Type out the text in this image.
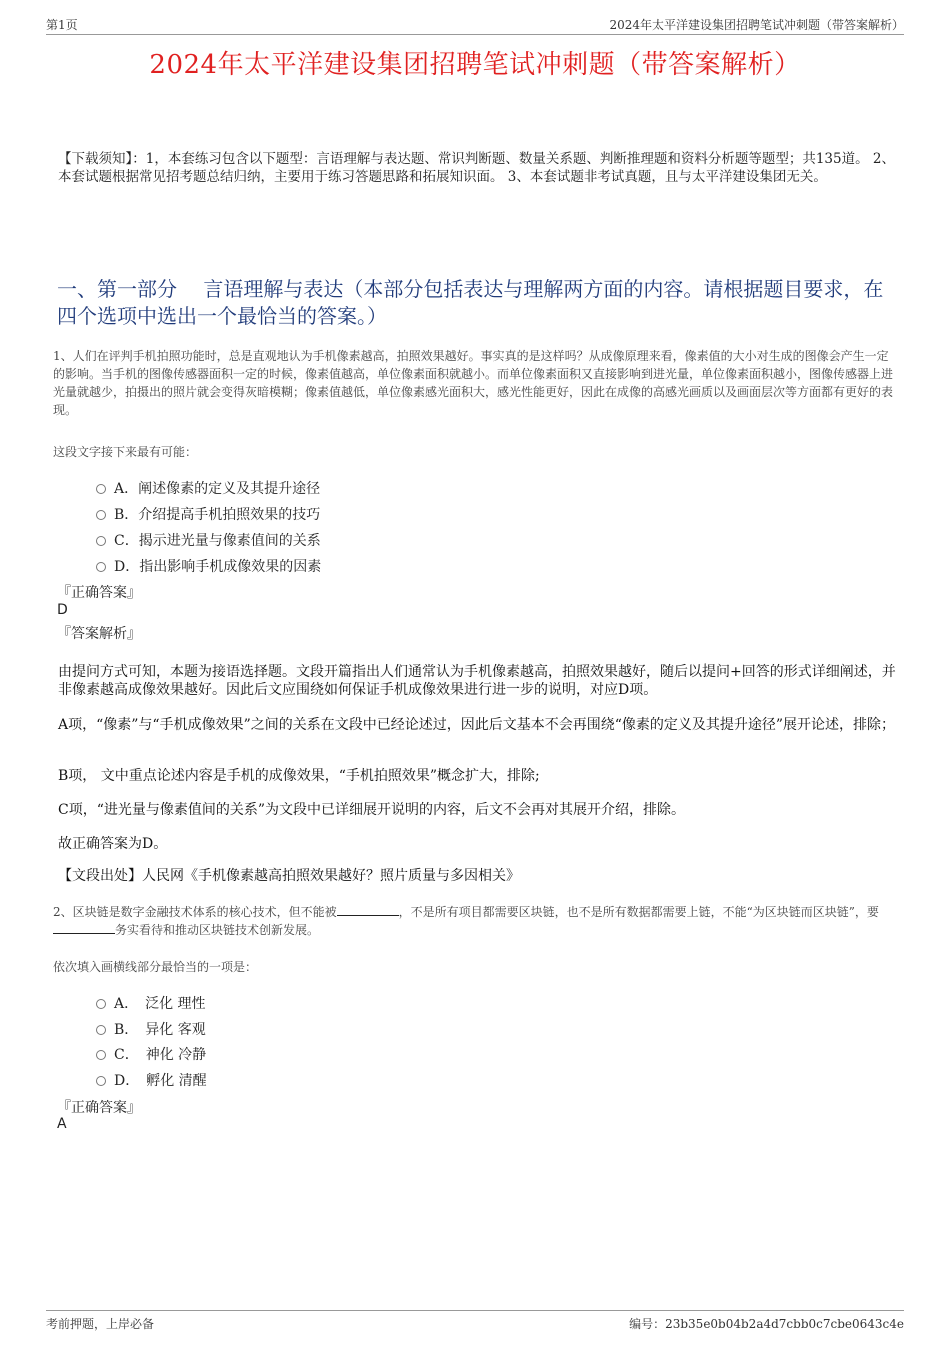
第1页	2024年太平洋建设集团招聘笔试冲刺题（带答案解析）
2024年太平洋建设集团招聘笔试冲刺题（带答案解析）
【下载须知】：1，本套练习包含以下题型：言语理解与表达题、常识判断题、数量关系题、判断推理题和资料分析题等题型；共135道。 2、本套试题根据常见招考题总结归纳，主要用于练习答题思路和拓展知识面。 3、本套试题非考试真题，且与太平洋建设集团无关。
一、第一部分　 言语理解与表达（本部分包括表达与理解两方面的内容。请根据题目要求，在四个选项中选出一个最恰当的答案。）
1、人们在评判手机拍照功能时，总是直观地认为手机像素越高，拍照效果越好。事实真的是这样吗？从成像原理来看，像素值的大小对生成的图像会产生一定的影响。当手机的图像传感器面积一定的时候，像素值越高，单位像素面积就越小。而单位像素面积又直接影响到进光量，单位像素面积越小，图像传感器上进光量就越少，拍摄出的照片就会变得灰暗模糊；像素值越低，单位像素感光面积大，感光性能更好，因此在成像的高感光画质以及画面层次等方面都有更好的表现。
这段文字接下来最有可能：
A．阐述像素的定义及其提升途径
B．介绍提高手机拍照效果的技巧
C．揭示进光量与像素值间的关系
D．指出影响手机成像效果的因素
『正确答案』
D
『答案解析』
由提问方式可知，本题为接语选择题。文段开篇指出人们通常认为手机像素越高，拍照效果越好，随后以提问+回答的形式详细阐述，并非像素越高成像效果越好。因此后文应围绕如何保证手机成像效果进行进一步的说明，对应D项。
A项，“像素”与“手机成像效果”之间的关系在文段中已经论述过，因此后文基本不会再围绕“像素的定义及其提升途径”展开论述，排除；
B项， 文中重点论述内容是手机的成像效果，“手机拍照效果”概念扩大，排除;
C项，“进光量与像素值间的关系”为文段中已详细展开说明的内容，后文不会再对其展开介绍，排除。
故正确答案为D。
【文段出处】人民网《手机像素越高拍照效果越好？照片质量与多因相关》
2、区块链是数字金融技术体系的核心技术，但不能被	，不是所有项目都需要区块链，也不是所有数据都需要上链，不能“为区块链而区块链”，要务实看待和推动区块链技术创新发展。
依次填入画横线部分最恰当的一项是：
A．　泛化 理性
B．　异化 客观
C．　神化 冷静
D．　孵化 清醒
『正确答案』
A
考前押题，上岸必备	编号：23b35e0b04b2a4d7cbb0c7cbe0643c4e
